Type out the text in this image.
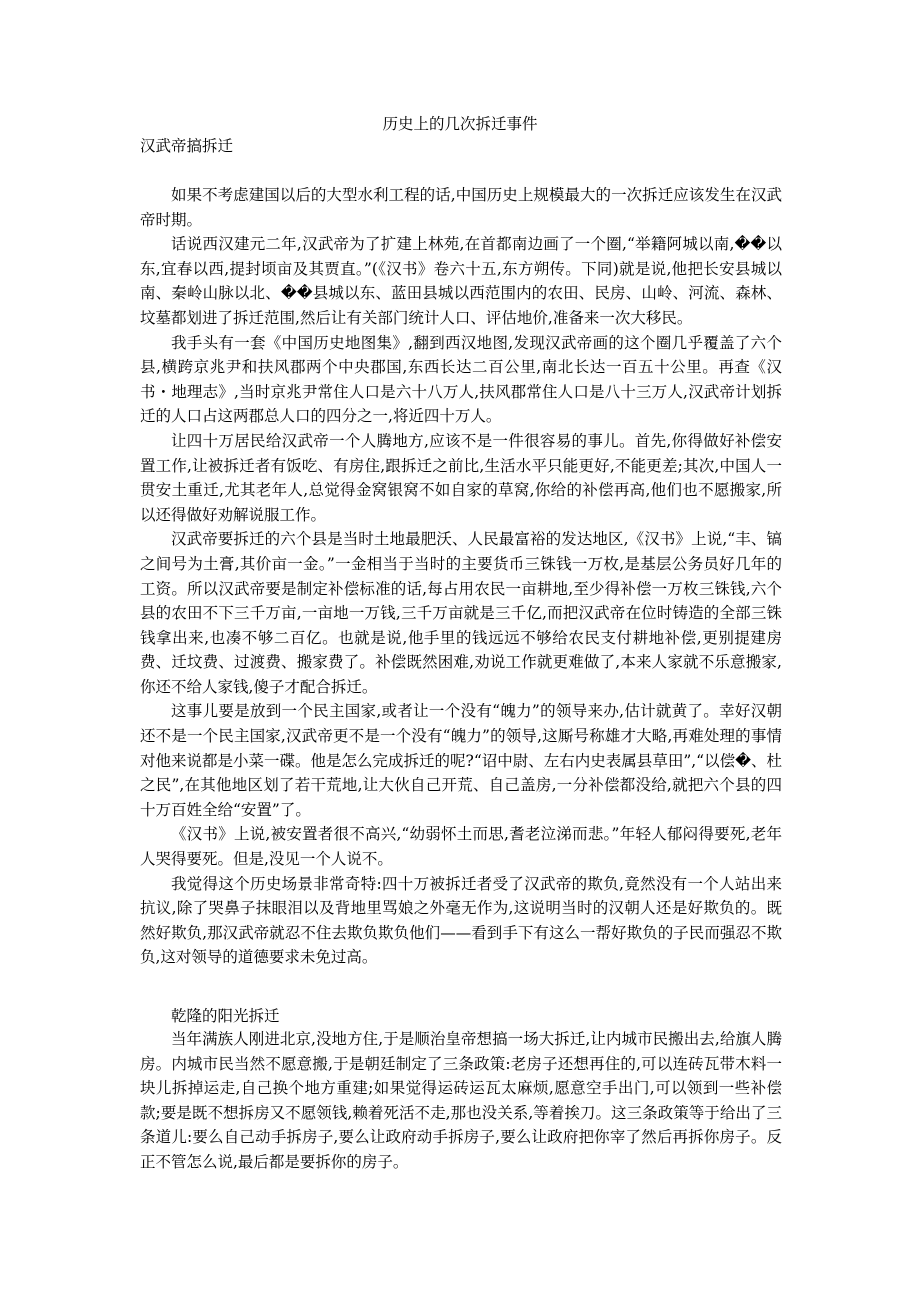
历史上的几次拆迁事件
汉武帝搞拆迁

如果不考虑建国以后的大型水利工程的话,中国历史上规模最大的一次拆迁应该发生在汉武帝时期。

话说西汉建元二年,汉武帝为了扩建上林苑,在首都南边画了一个圈,“举籍阿城以南,��以东,宜春以西,提封顷亩及其贾直。”(《汉书》卷六十五,东方朔传。下同)就是说,他把长安县城以南、秦岭山脉以北、��县城以东、蓝田县城以西范围内的农田、民房、山岭、河流、森林、坟墓都划进了拆迁范围,然后让有关部门统计人口、评估地价,准备来一次大移民。

我手头有一套《中国历史地图集》,翻到西汉地图,发现汉武帝画的这个圈几乎覆盖了六个县,横跨京兆尹和扶风郡两个中央郡国,东西长达二百公里,南北长达一百五十公里。再查《汉书・地理志》,当时京兆尹常住人口是六十八万人,扶风郡常住人口是八十三万人,汉武帝计划拆迁的人口占这两郡总人口的四分之一,将近四十万人。

让四十万居民给汉武帝一个人腾地方,应该不是一件很容易的事儿。首先,你得做好补偿安置工作,让被拆迁者有饭吃、有房住,跟拆迁之前比,生活水平只能更好,不能更差;其次,中国人一贯安土重迁,尤其老年人,总觉得金窝银窝不如自家的草窝,你给的补偿再高,他们也不愿搬家,所以还得做好劝解说服工作。

汉武帝要拆迁的六个县是当时土地最肥沃、人民最富裕的发达地区,《汉书》上说,“丰、镐之间号为土膏,其价亩一金。”一金相当于当时的主要货币三铢钱一万枚,是基层公务员好几年的工资。所以汉武帝要是制定补偿标准的话,每占用农民一亩耕地,至少得补偿一万枚三铢钱,六个县的农田不下三千万亩,一亩地一万钱,三千万亩就是三千亿,而把汉武帝在位时铸造的全部三铢钱拿出来,也凑不够二百亿。也就是说,他手里的钱远远不够给农民支付耕地补偿,更别提建房费、迁坟费、过渡费、搬家费了。补偿既然困难,劝说工作就更难做了,本来人家就不乐意搬家,你还不给人家钱,傻子才配合拆迁。

这事儿要是放到一个民主国家,或者让一个没有“魄力”的领导来办,估计就黄了。幸好汉朝还不是一个民主国家,汉武帝更不是一个没有“魄力”的领导,这厮号称雄才大略,再难处理的事情对他来说都是小菜一碟。他是怎么完成拆迁的呢?“诏中尉、左右内史表属县草田”,“以偿�、杜之民”,在其他地区划了若干荒地,让大伙自己开荒、自己盖房,一分补偿都没给,就把六个县的四十万百姓全给“安置”了。

《汉书》上说,被安置者很不高兴,“幼弱怀土而思,耆老泣涕而悲。”年轻人郁闷得要死,老年人哭得要死。但是,没见一个人说不。

我觉得这个历史场景非常奇特:四十万被拆迁者受了汉武帝的欺负,竟然没有一个人站出来抗议,除了哭鼻子抹眼泪以及背地里骂娘之外毫无作为,这说明当时的汉朝人还是好欺负的。既然好欺负,那汉武帝就忍不住去欺负欺负他们——看到手下有这么一帮好欺负的子民而强忍不欺负,这对领导的道德要求未免过高。

乾隆的阳光拆迁

当年满族人刚进北京,没地方住,于是顺治皇帝想搞一场大拆迁,让内城市民搬出去,给旗人腾房。内城市民当然不愿意搬,于是朝廷制定了三条政策:老房子还想再住的,可以连砖瓦带木料一块儿拆掉运走,自己换个地方重建;如果觉得运砖运瓦太麻烦,愿意空手出门,可以领到一些补偿款;要是既不想拆房又不愿领钱,赖着死活不走,那也没关系,等着挨刀。这三条政策等于给出了三条道儿:要么自己动手拆房子,要么让政府动手拆房子,要么让政府把你宰了然后再拆你房子。反正不管怎么说,最后都是要拆你的房子。
